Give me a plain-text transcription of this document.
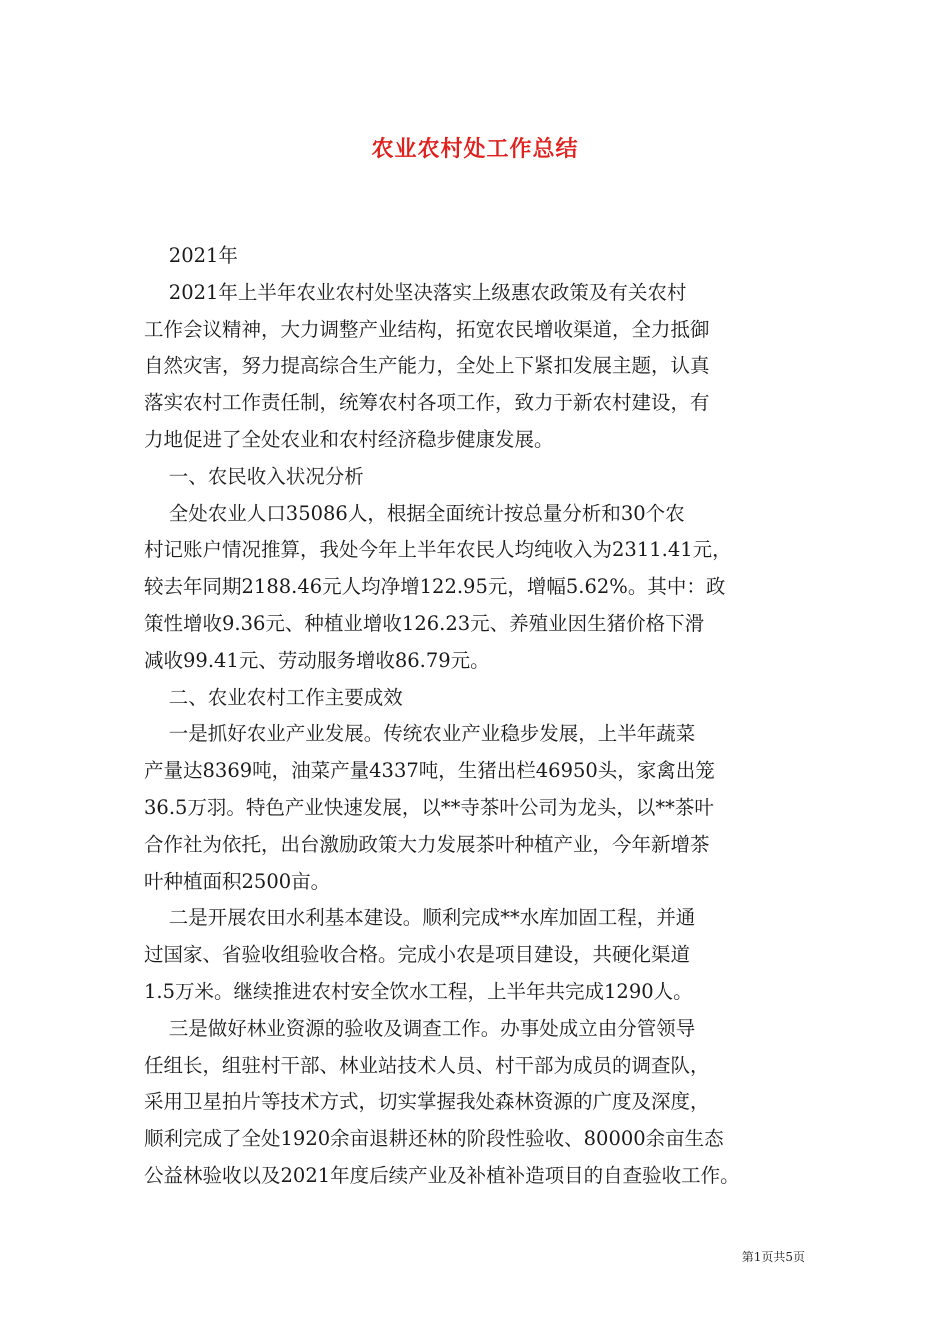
农业农村处工作总结
2021年
2021年上半年农业农村处坚决落实上级惠农政策及有关农村
工作会议精神，大力调整产业结构，拓宽农民增收渠道，全力抵御
自然灾害，努力提高综合生产能力，全处上下紧扣发展主题，认真
落实农村工作责任制，统筹农村各项工作，致力于新农村建设，有
力地促进了全处农业和农村经济稳步健康发展。
一、农民收入状况分析
全处农业人口35086人，根据全面统计按总量分析和30个农
村记账户情况推算，我处今年上半年农民人均纯收入为2311.41元，
较去年同期2188.46元人均净增122.95元，增幅5.62%。其中：政
策性增收9.36元、种植业增收126.23元、养殖业因生猪价格下滑
减收99.41元、劳动服务增收86.79元。
二、农业农村工作主要成效
一是抓好农业产业发展。传统农业产业稳步发展，上半年蔬菜
产量达8369吨，油菜产量4337吨，生猪出栏46950头，家禽出笼
36.5万羽。特色产业快速发展，以**寺茶叶公司为龙头，以**茶叶
合作社为依托，出台激励政策大力发展茶叶种植产业，今年新增茶
叶种植面积2500亩。
二是开展农田水利基本建设。顺利完成**水库加固工程，并通
过国家、省验收组验收合格。完成小农是项目建设，共硬化渠道
1.5万米。继续推进农村安全饮水工程，上半年共完成1290人。
三是做好林业资源的验收及调查工作。办事处成立由分管领导
任组长，组驻村干部、林业站技术人员、村干部为成员的调查队，
采用卫星拍片等技术方式，切实掌握我处森林资源的广度及深度，
顺利完成了全处1920余亩退耕还林的阶段性验收、80000余亩生态
公益林验收以及2021年度后续产业及补植补造项目的自查验收工作。
第1页共5页
